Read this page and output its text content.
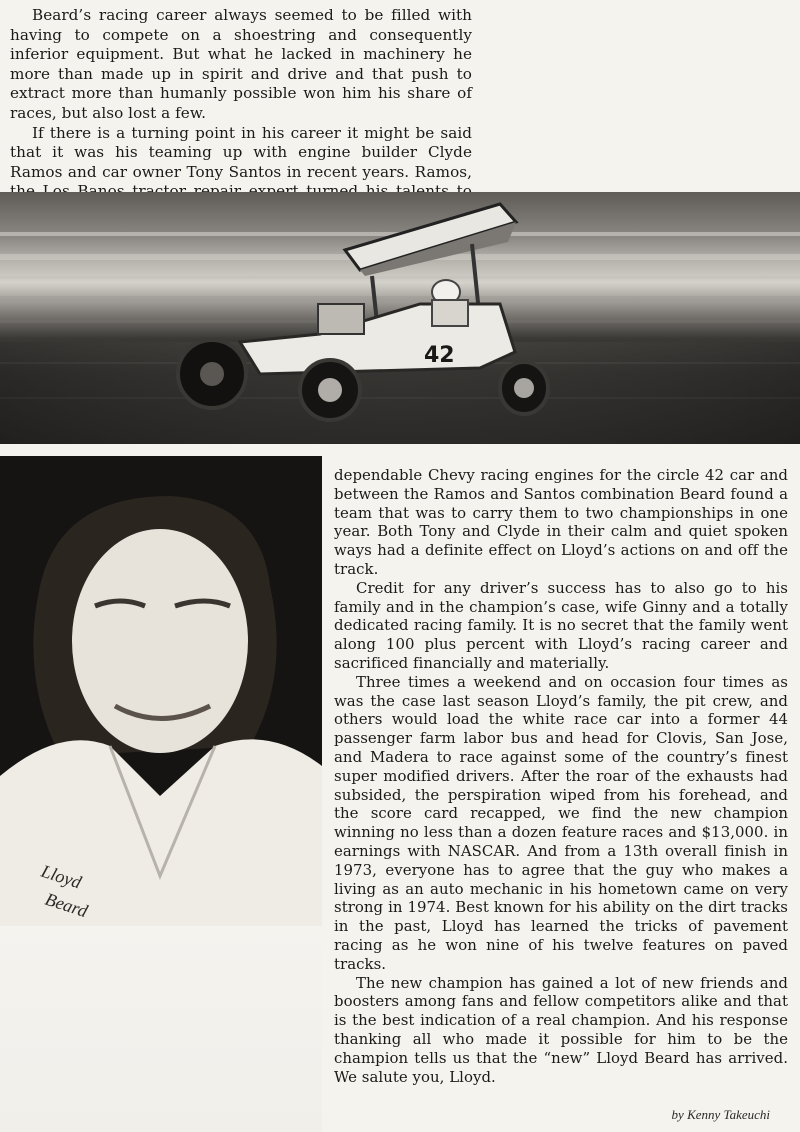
Beard’s racing career always seemed to be filled with having to compete on a shoestring and consequently inferior equipment. But what he lacked in machinery he more than made up in spirit and drive and that push to extract more than humanly possible won him his share of races, but also lost a few.

If there is a turning point in his career it might be said that it was his teaming up with engine builder Clyde Ramos and car owner Tony Santos in recent years. Ramos,

42
Lloyd
Beard

dependable Chevy racing engines for the circle 42 car and between the Ramos and Santos combination Beard found a team that was to carry them to two championships in one year. Both Tony and Clyde in their calm and quiet spoken ways had a definite effect on Lloyd’s actions on and off the track.

Credit for any driver’s success has to also go to his family and in the champion’s case, wife Ginny and a totally dedicated racing family. It is no secret that the family went along 100 plus percent with Lloyd’s racing career and sacrificed financially and materially.

Three times a weekend and on occasion four times as was the case last season Lloyd’s family, the pit crew, and others would load the white race car into a former 44 passenger farm labor bus and head for Clovis, San Jose, and Madera to race against some of the country’s finest super modified drivers. After the roar of the exhausts had subsided, the perspiration wiped from his forehead, and the score card recapped, we find the new champion winning no less than a dozen feature races and $13,000. in earnings with NASCAR. And from a 13th overall finish in 1973, everyone has to agree that the guy who makes a living as an auto mechanic in his hometown came on very strong in 1974. Best known for his ability on the dirt tracks in the past, Lloyd has learned the tricks of pavement racing as he won nine of his twelve features on paved tracks.

The new champion has gained a lot of new friends and boosters among fans and fellow competitors alike and that is the best indication of a real champion. And his response thanking all who made it possible for him to be the champion tells us that the “new” Lloyd Beard has arrived. We salute you, Lloyd.

by Kenny Takeuchi
